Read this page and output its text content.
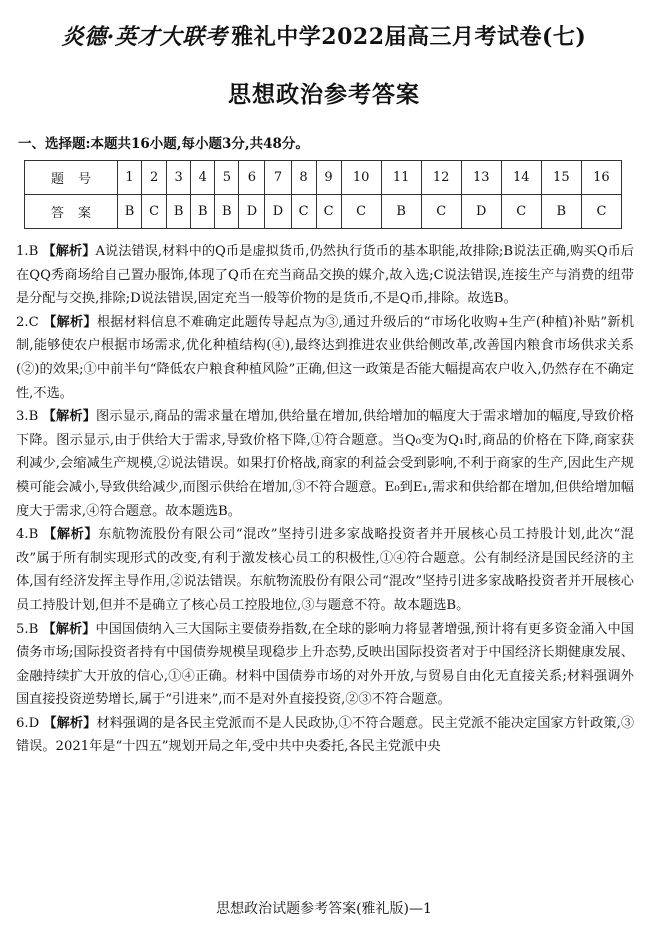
炎德·英才大联考 雅礼中学2022届高三月考试卷(七)
思想政治参考答案
一、选择题:本题共16小题,每小题3分,共48分。
题号	1	2	3	4	5	6	7	8	9	10	11	12	13	14	15	16
答案	B	C	B	B	B	D	D	C	C	C	B	C	D	C	B	C

1.B 【解析】A说法错误,材料中的Q币是虚拟货币,仍然执行货币的基本职能,故排除;B说法正确,购买Q币后在QQ秀商场给自己置办服饰,体现了Q币在充当商品交换的媒介,故入选;C说法错误,连接生产与消费的纽带是分配与交换,排除;D说法错误,固定充当一般等价物的是货币,不是Q币,排除。故选B。

2.C 【解析】根据材料信息不难确定此题传导起点为③,通过升级后的“市场化收购+生产(种植)补贴”新机制,能够使农户根据市场需求,优化种植结构(④),最终达到推进农业供给侧改革,改善国内粮食市场供求关系(②)的效果;①中前半句“降低农户粮食种植风险”正确,但这一政策是否能大幅提高农户收入,仍然存在不确定性,不选。

3.B 【解析】图示显示,商品的需求量在增加,供给量在增加,供给增加的幅度大于需求增加的幅度,导致价格下降。图示显示,由于供给大于需求,导致价格下降,①符合题意。当Q₀变为Q₁时,商品的价格在下降,商家获利减少,会缩减生产规模,②说法错误。如果打价格战,商家的利益会受到影响,不利于商家的生产,因此生产规模可能会减小,导致供给减少,而图示供给在增加,③不符合题意。E₀到E₁,需求和供给都在增加,但供给增加幅度大于需求,④符合题意。故本题选B。

4.B 【解析】东航物流股份有限公司“混改”坚持引进多家战略投资者并开展核心员工持股计划,此次“混改”属于所有制实现形式的改变,有利于激发核心员工的积极性,①④符合题意。公有制经济是国民经济的主体,国有经济发挥主导作用,②说法错误。东航物流股份有限公司“混改”坚持引进多家战略投资者并开展核心员工持股计划,但并不是确立了核心员工控股地位,③与题意不符。故本题选B。

5.B 【解析】中国国债纳入三大国际主要债券指数,在全球的影响力将显著增强,预计将有更多资金涌入中国债务市场;国际投资者持有中国债券规模呈现稳步上升态势,反映出国际投资者对于中国经济长期健康发展、金融持续扩大开放的信心,①④正确。材料中国债券市场的对外开放,与贸易自由化无直接关系;材料强调外国直接投资逆势增长,属于“引进来”,而不是对外直接投资,②③不符合题意。

6.D 【解析】材料强调的是各民主党派而不是人民政协,①不符合题意。民主党派不能决定国家方针政策,③错误。2021年是“十四五”规划开局之年,受中共中央委托,各民主党派中央

思想政治试题参考答案(雅礼版)—1
